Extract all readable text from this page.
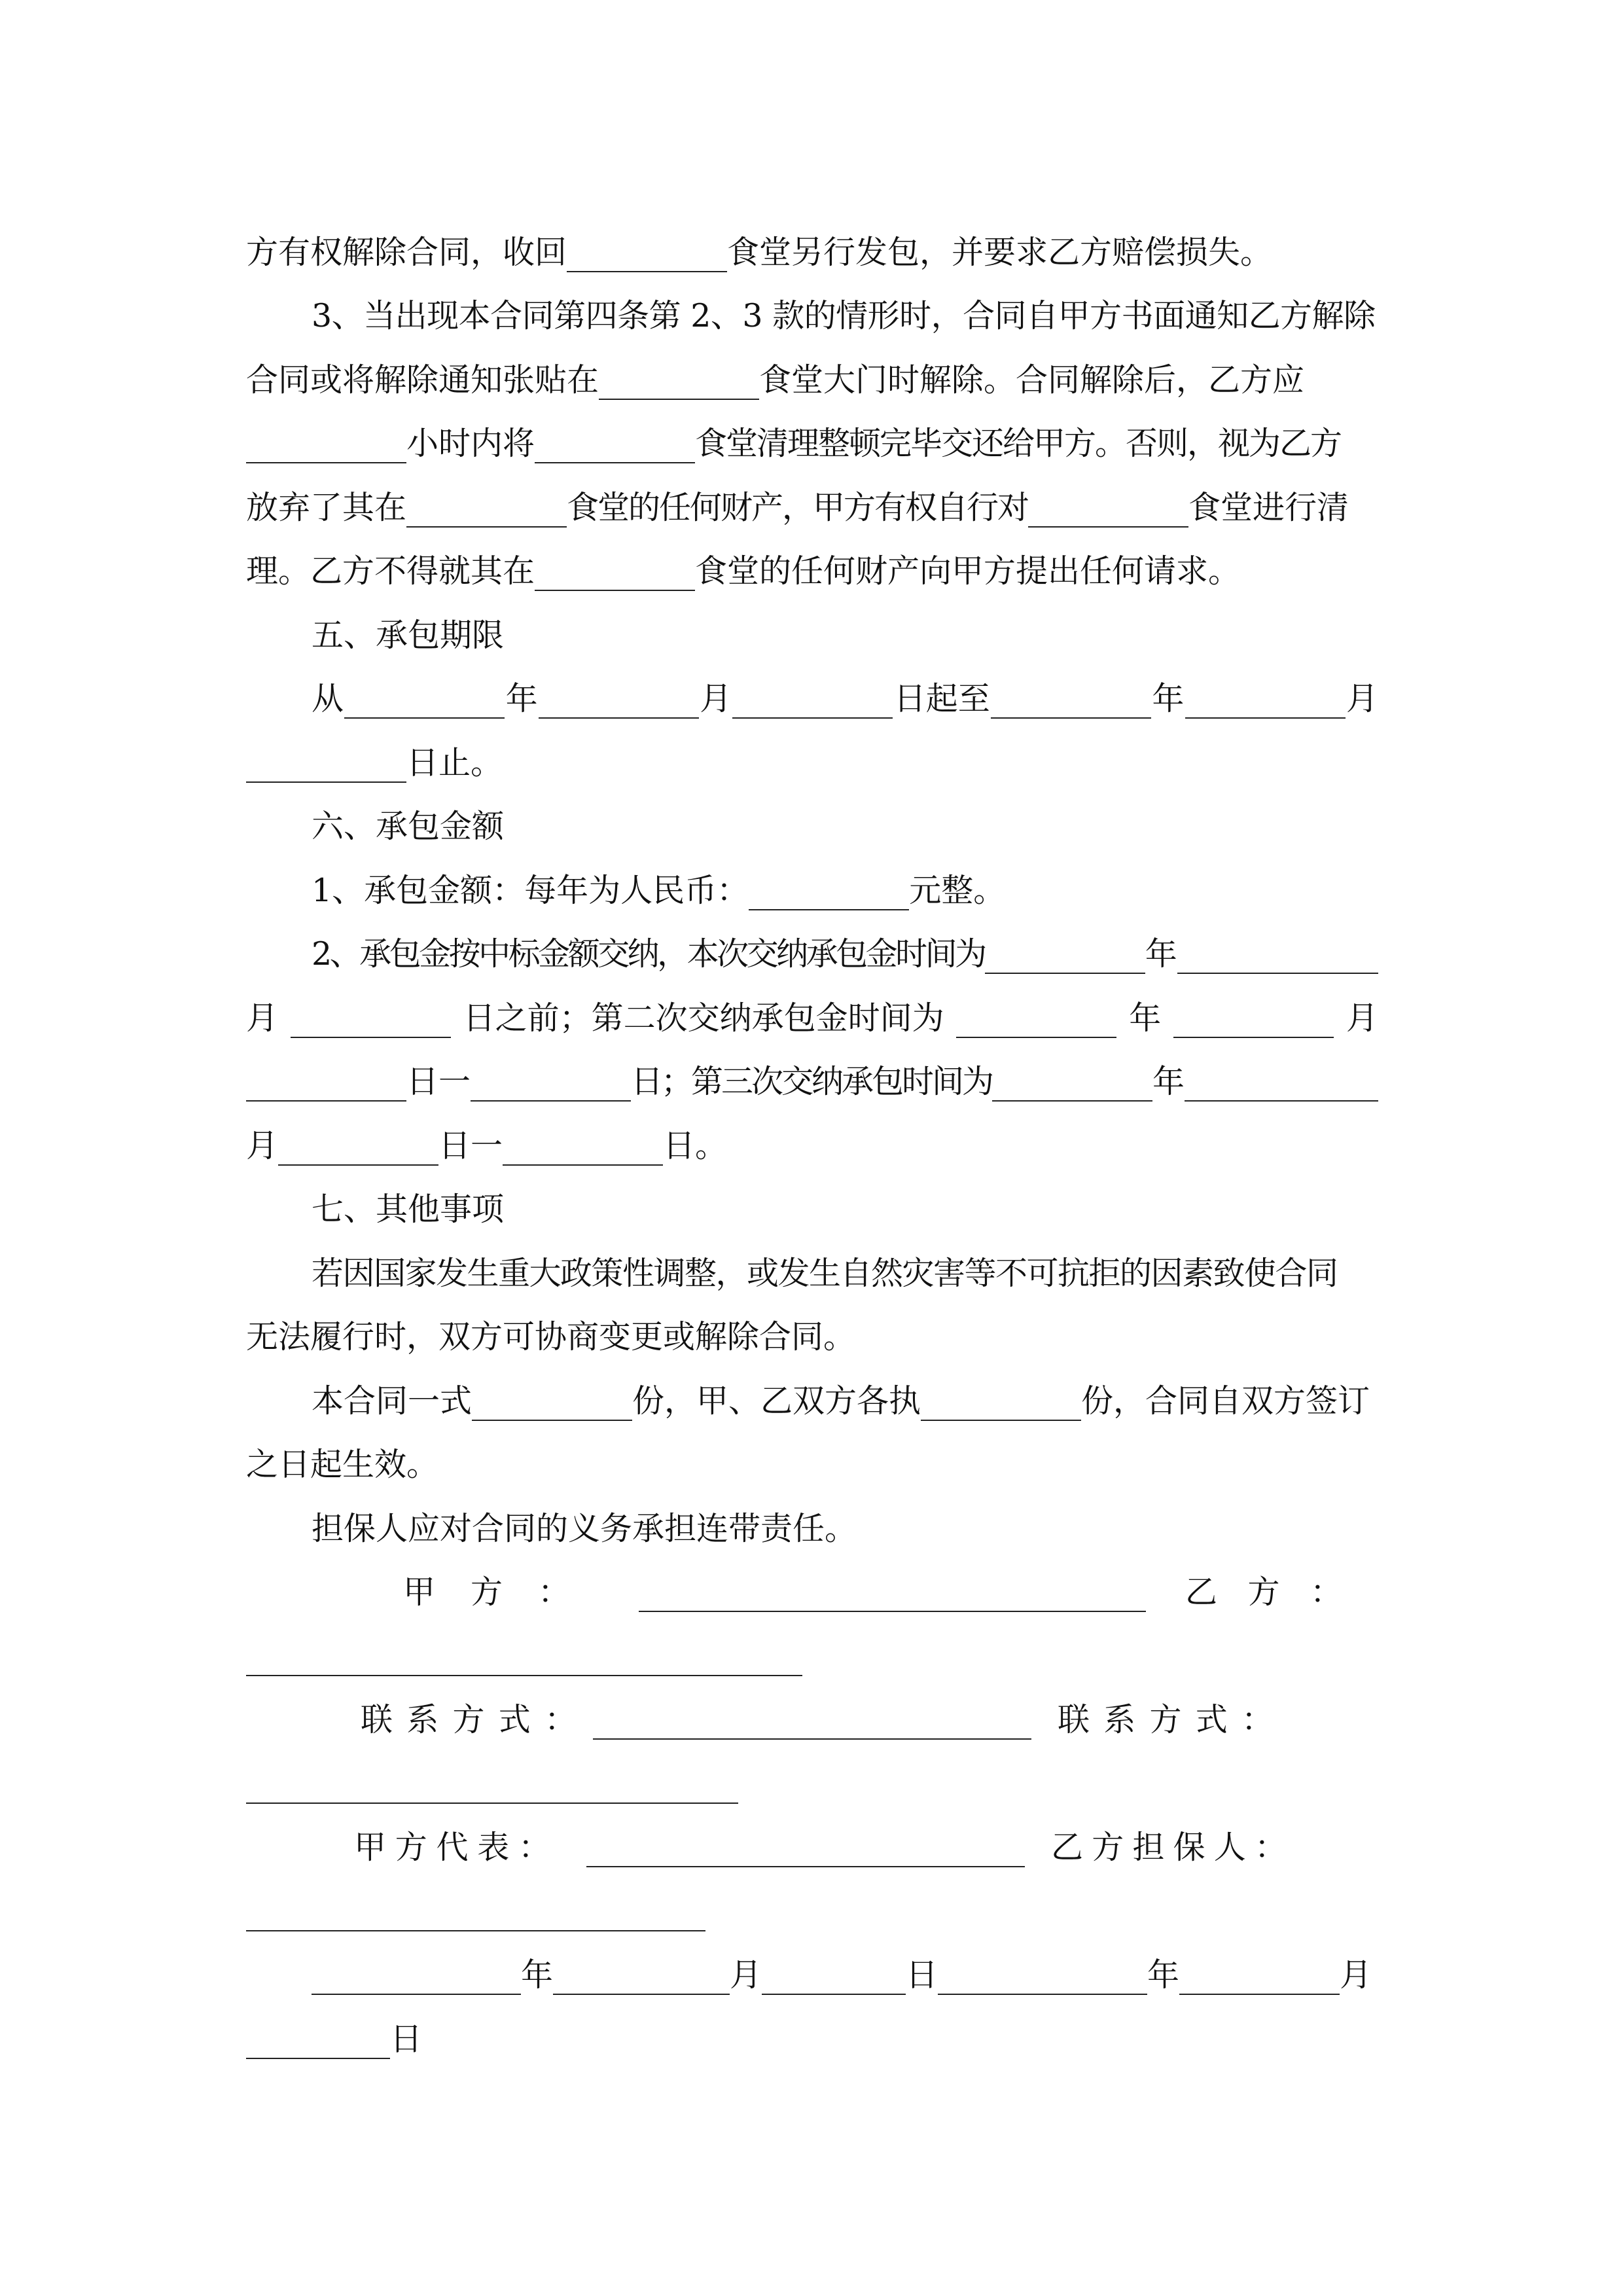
方有权解除合同，收回	食堂另行发包，并要求乙方赔偿损失。
3、当出现本合同第四条第 2、3 款的情形时，合同自甲方书面通知乙方解除
合同或将解除通知张贴在	食堂大门时解除。合同解除后，乙方应
小时内将	食堂清理整顿完毕交还给甲方。否则，视为乙方
放弃了其在	食堂的任何财产，甲方有权自行对	食堂进行清
理。乙方不得就其在	食堂的任何财产向甲方提出任何请求。
五、承包期限
从	年	月	日起至	年	月
日止。
六、承包金额
1、承包金额：每年为人民币：	元整。
2、承包金按中标金额交纳，本次交纳承包金时间为	年
月	日之前；第二次交纳承包金时间为	年	月
日一	日；第三次交纳承包时间为	年
月	日一	日。
七、其他事项
若因国家发生重大政策性调整，或发生自然灾害等不可抗拒的因素致使合同
无法履行时，双方可协商变更或解除合同。
本合同一式	份，甲、乙双方各执	份，合同自双方签订
之日起生效。
担保人应对合同的义务承担连带责任。
甲 方 ：	乙 方 ：
联 系 方 式 ：	联 系 方 式 ：
甲 方 代 表 ：	乙 方 担 保 人 ：
年	月	日	年	月
日
